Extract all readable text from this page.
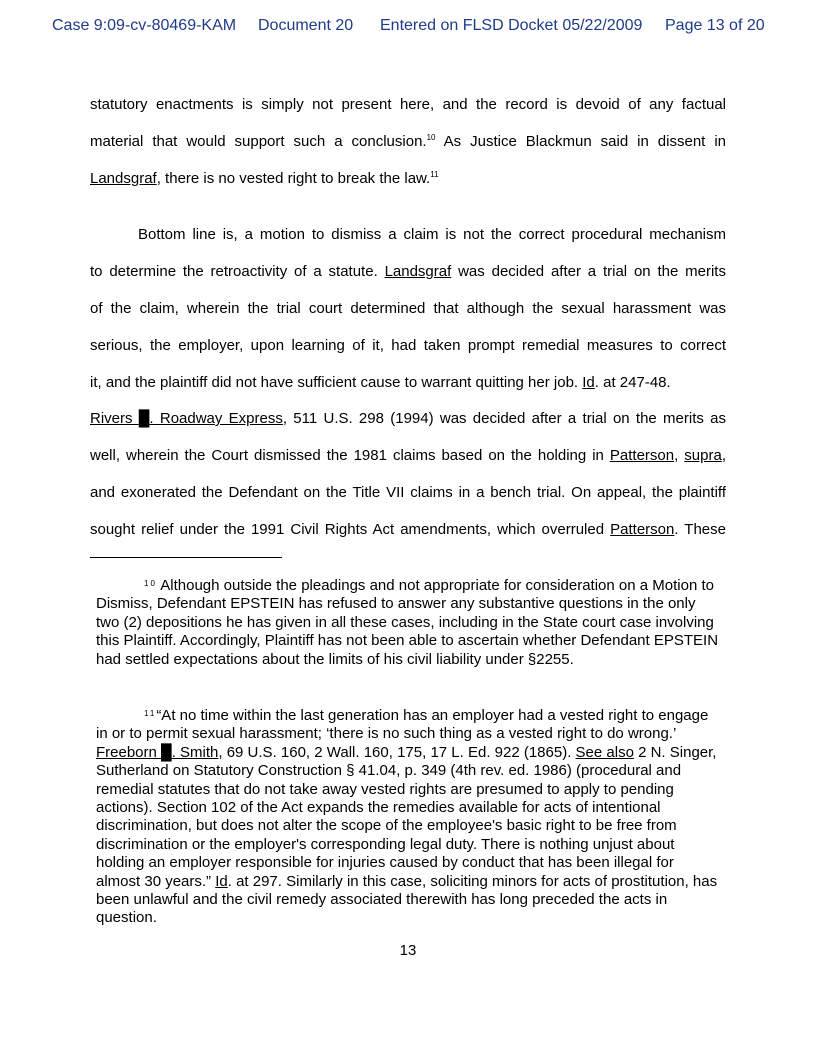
Case 9:09-cv-80469-KAM Document 20 Entered on FLSD Docket 05/22/2009 Page 13 of 20
statutory enactments is simply not present here, and the record is devoid of any factual
material that would support such a conclusion.$^{10}$ As Justice Blackmun said in dissent in
Landsgraf, there is no vested right to break the law.$^{11}$
Bottom line is, a motion to dismiss a claim is not the correct procedural mechanism
to determine the retroactivity of a statute. Landsgraf was decided after a trial on the merits
of the claim, wherein the trial court determined that although the sexual harassment was
serious, the employer, upon learning of it, had taken prompt remedial measures to correct
it, and the plaintiff did not have sufficient cause to warrant quitting her job. Id. at 247-48.
Rivers █. Roadway Express, 511 U.S. 298 (1994) was decided after a trial on the merits as
well, wherein the Court dismissed the 1981 claims based on the holding in Patterson, supra,
and exonerated the Defendant on the Title VII claims in a bench trial. On appeal, the plaintiff
sought relief under the 1991 Civil Rights Act amendments, which overruled Patterson. These
$^{10}$ Although outside the pleadings and not appropriate for consideration on a Motion to Dismiss, Defendant EPSTEIN has refused to answer any substantive questions in the only two (2) depositions he has given in all these cases, including in the State court case involving this Plaintiff. Accordingly, Plaintiff has not been able to ascertain whether Defendant EPSTEIN had settled expectations about the limits of his civil liability under §2255.
$^{11}$“At no time within the last generation has an employer had a vested right to engage in or to permit sexual harassment; ‘there is no such thing as a vested right to do wrong.’ Freeborn █. Smith, 69 U.S. 160, 2 Wall. 160, 175, 17 L. Ed. 922 (1865). See also 2 N. Singer, Sutherland on Statutory Construction § 41.04, p. 349 (4th rev. ed. 1986) (procedural and remedial statutes that do not take away vested rights are presumed to apply to pending actions). Section 102 of the Act expands the remedies available for acts of intentional discrimination, but does not alter the scope of the employee's basic right to be free from discrimination or the employer's corresponding legal duty. There is nothing unjust about holding an employer responsible for injuries caused by conduct that has been illegal for almost 30 years.” Id. at 297. Similarly in this case, soliciting minors for acts of prostitution, has been unlawful and the civil remedy associated therewith has long preceded the acts in question.
13
